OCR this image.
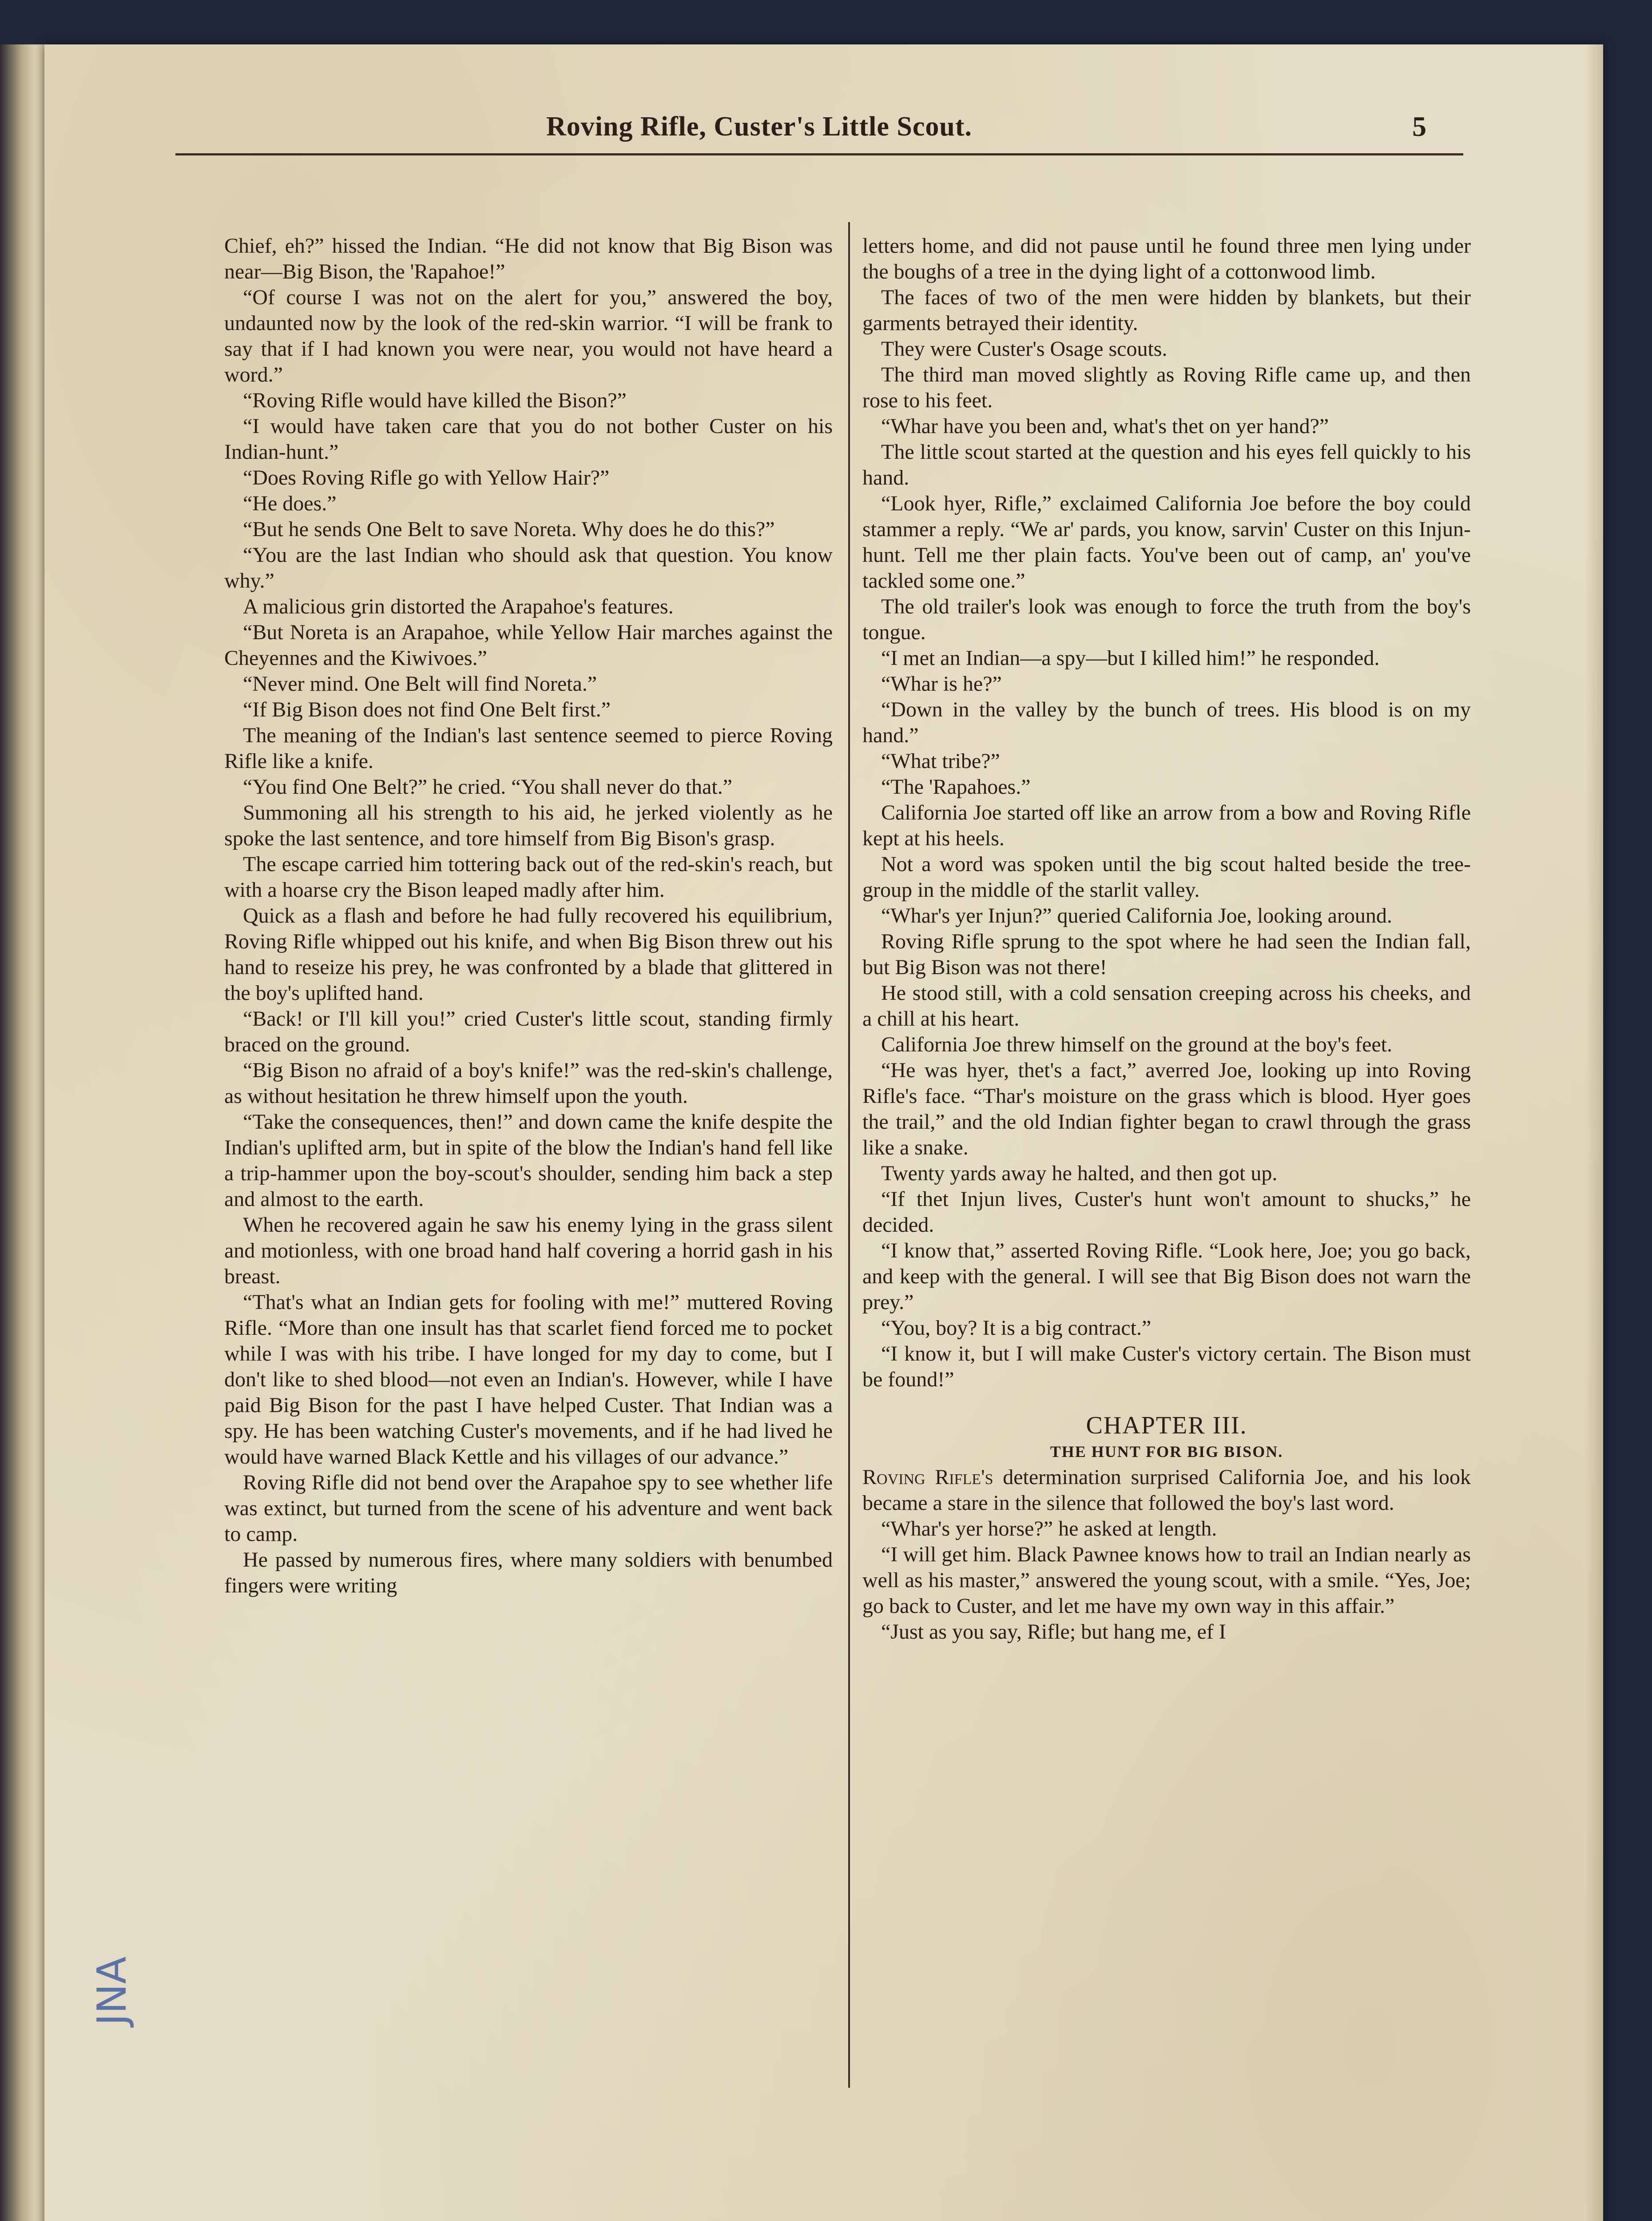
Roving Rifle, Custer's Little Scout.	5

Chief, eh?” hissed the Indian. “He did not know that Big Bison was near—Big Bison, the 'Rapahoe!”

“Of course I was not on the alert for you,” answered the boy, undaunted now by the look of the red-skin warrior. “I will be frank to say that if I had known you were near, you would not have heard a word.”

“Roving Rifle would have killed the Bison?”

“I would have taken care that you do not bother Custer on his Indian-hunt.”

“Does Roving Rifle go with Yellow Hair?”

“He does.”

“But he sends One Belt to save Noreta. Why does he do this?”

“You are the last Indian who should ask that question. You know why.”

A malicious grin distorted the Arapahoe's features.

“But Noreta is an Arapahoe, while Yellow Hair marches against the Cheyennes and the Kiwivoes.”

“Never mind. One Belt will find Noreta.”

“If Big Bison does not find One Belt first.”

The meaning of the Indian's last sentence seemed to pierce Roving Rifle like a knife.

“You find One Belt?” he cried. “You shall never do that.”

Summoning all his strength to his aid, he jerked violently as he spoke the last sentence, and tore himself from Big Bison's grasp.

The escape carried him tottering back out of the red-skin's reach, but with a hoarse cry the Bison leaped madly after him.

Quick as a flash and before he had fully recovered his equilibrium, Roving Rifle whipped out his knife, and when Big Bison threw out his hand to reseize his prey, he was confronted by a blade that glittered in the boy's uplifted hand.

“Back! or I'll kill you!” cried Custer's little scout, standing firmly braced on the ground.

“Big Bison no afraid of a boy's knife!” was the red-skin's challenge, as without hesitation he threw himself upon the youth.

“Take the consequences, then!” and down came the knife despite the Indian's uplifted arm, but in spite of the blow the Indian's hand fell like a trip-hammer upon the boy-scout's shoulder, sending him back a step and almost to the earth.

When he recovered again he saw his enemy lying in the grass silent and motionless, with one broad hand half covering a horrid gash in his breast.

“That's what an Indian gets for fooling with me!” muttered Roving Rifle. “More than one insult has that scarlet fiend forced me to pocket while I was with his tribe. I have longed for my day to come, but I don't like to shed blood—not even an Indian's. However, while I have paid Big Bison for the past I have helped Custer. That Indian was a spy. He has been watching Custer's movements, and if he had lived he would have warned Black Kettle and his villages of our advance.”

Roving Rifle did not bend over the Arapahoe spy to see whether life was extinct, but turned from the scene of his adventure and went back to camp.

He passed by numerous fires, where many soldiers with benumbed fingers were writing

letters home, and did not pause until he found three men lying under the boughs of a tree in the dying light of a cottonwood limb.

The faces of two of the men were hidden by blankets, but their garments betrayed their identity.

They were Custer's Osage scouts.

The third man moved slightly as Roving Rifle came up, and then rose to his feet.

“Whar have you been and, what's thet on yer hand?”

The little scout started at the question and his eyes fell quickly to his hand.

“Look hyer, Rifle,” exclaimed California Joe before the boy could stammer a reply. “We ar' pards, you know, sarvin' Custer on this Injun-hunt. Tell me ther plain facts. You've been out of camp, an' you've tackled some one.”

The old trailer's look was enough to force the truth from the boy's tongue.

“I met an Indian—a spy—but I killed him!” he responded.

“Whar is he?”

“Down in the valley by the bunch of trees. His blood is on my hand.”

“What tribe?”

“The 'Rapahoes.”

California Joe started off like an arrow from a bow and Roving Rifle kept at his heels.

Not a word was spoken until the big scout halted beside the tree-group in the middle of the starlit valley.

“Whar's yer Injun?” queried California Joe, looking around.

Roving Rifle sprung to the spot where he had seen the Indian fall, but Big Bison was not there!

He stood still, with a cold sensation creeping across his cheeks, and a chill at his heart.

California Joe threw himself on the ground at the boy's feet.

“He was hyer, thet's a fact,” averred Joe, looking up into Roving Rifle's face. “Thar's moisture on the grass which is blood. Hyer goes the trail,” and the old Indian fighter began to crawl through the grass like a snake.

Twenty yards away he halted, and then got up.

“If thet Injun lives, Custer's hunt won't amount to shucks,” he decided.

“I know that,” asserted Roving Rifle. “Look here, Joe; you go back, and keep with the general. I will see that Big Bison does not warn the prey.”

“You, boy? It is a big contract.”

“I know it, but I will make Custer's victory certain. The Bison must be found!”

CHAPTER III.
THE HUNT FOR BIG BISON.

Roving Rifle's determination surprised California Joe, and his look became a stare in the silence that followed the boy's last word.

“Whar's yer horse?” he asked at length.

“I will get him. Black Pawnee knows how to trail an Indian nearly as well as his master,” answered the young scout, with a smile. “Yes, Joe; go back to Custer, and let me have my own way in this affair.”

“Just as you say, Rifle; but hang me, ef I

JNA
